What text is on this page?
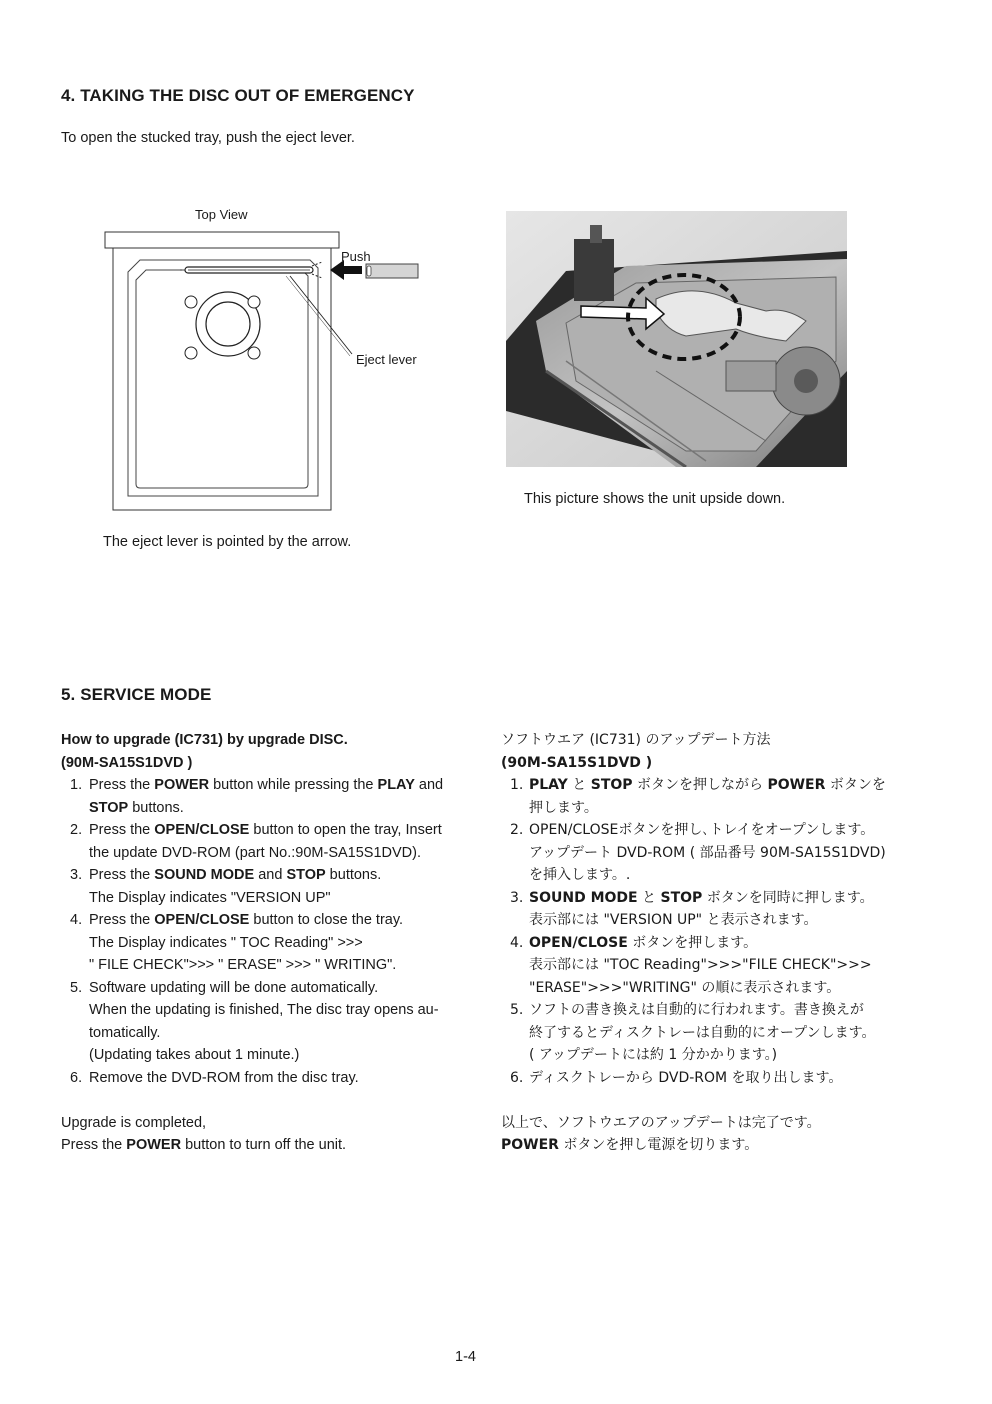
4. TAKING THE DISC OUT OF EMERGENCY
To open the stucked tray, push the eject lever.
Top View
Push
Eject lever
The eject lever is pointed by the arrow.
This picture shows the unit upside down.
5. SERVICE MODE
How to upgrade (IC731) by upgrade DISC.
(90M-SA15S1DVD )
1. Press the POWER button while pressing the PLAY and
STOP buttons.
2. Press the OPEN/CLOSE button to open the tray, Insert
the update DVD-ROM (part No.:90M-SA15S1DVD).
3. Press the SOUND MODE and STOP buttons.
The Display indicates "VERSION UP"
4. Press the OPEN/CLOSE button to close the tray.
The Display indicates " TOC Reading" >>>
" FILE CHECK">>> " ERASE" >>> " WRITING".
5. Software updating will be done automatically.
When the updating is finished, The disc tray opens au-
tomatically.
(Updating takes about 1 minute.)
6. Remove the DVD-ROM from the disc tray.
Upgrade is completed,
Press the POWER button to turn off the unit.
ソフトウエア (IC731) のアップデート方法
(90M-SA15S1DVD )
1. PLAY と STOP ボタンを押しながら POWER ボタンを
押します。
2. OPEN/CLOSEボタンを押し､トレイをオープンします。
アップデート DVD-ROM ( 部品番号 90M-SA15S1DVD)
を挿入します。.
3. SOUND MODE と STOP ボタンを同時に押します。
表示部には "VERSION UP" と表示されます。
4. OPEN/CLOSE ボタンを押します。
表示部には "TOC Reading">>>"FILE CHECK">>>
"ERASE">>>"WRITING" の順に表示されます。
5. ソフトの書き換えは自動的に行われます。書き換えが
終了するとディスクトレーは自動的にオープンします。
( アップデートには約 1 分かかります。)
6. ディスクトレーから DVD-ROM を取り出します。
以上で、ソフトウエアのアップデートは完了です。
POWER ボタンを押し電源を切ります。
1-4
